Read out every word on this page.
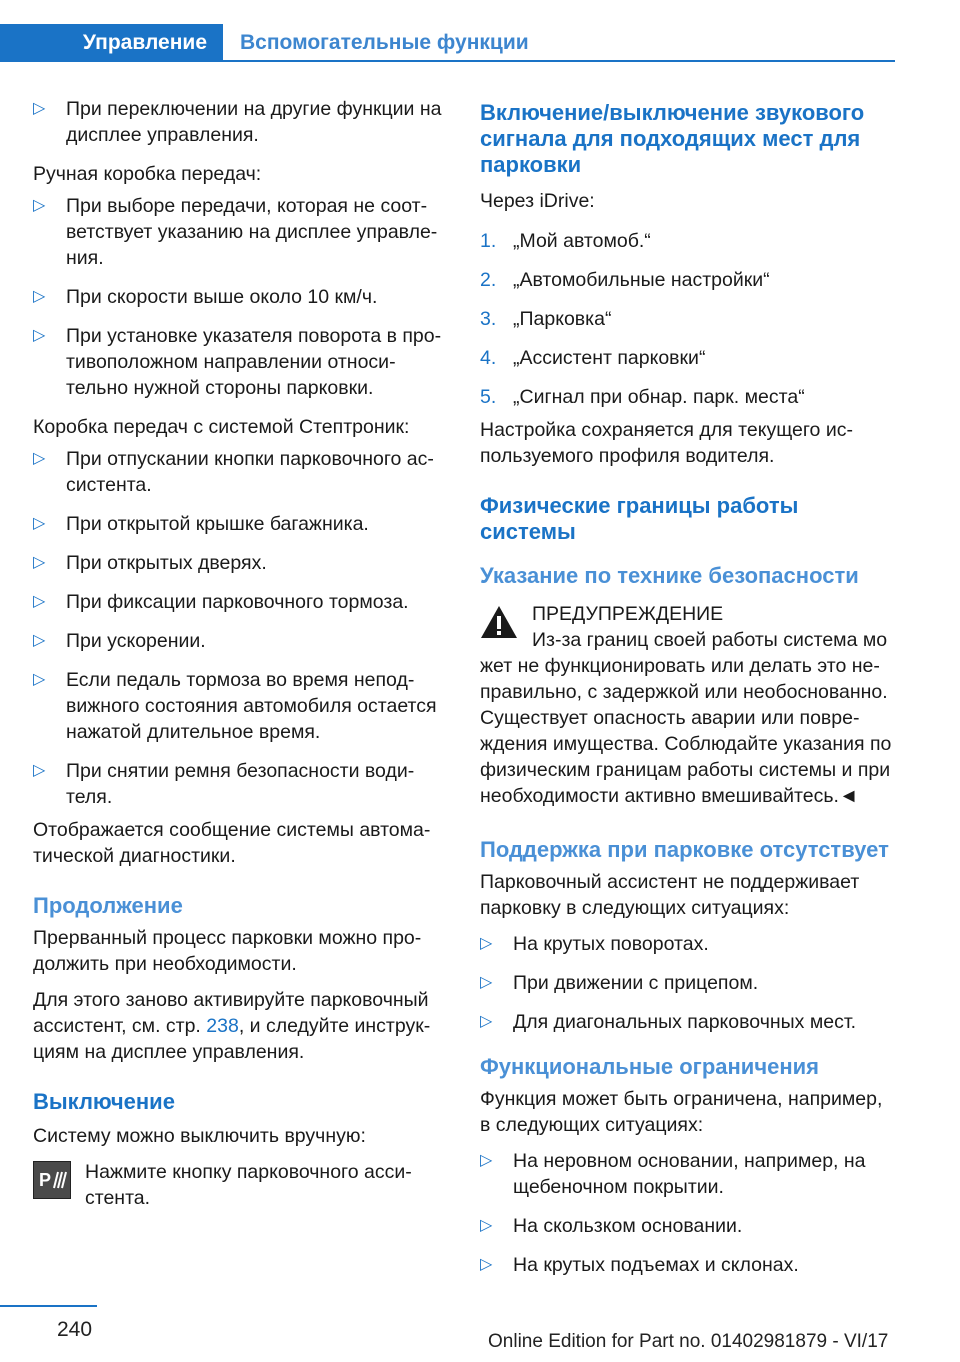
Управление	Вспомогательные функции
▷ При переключении на другие функции на дисплее управления.

Ручная коробка передач:

▷ При выборе передачи, которая не соответствует указанию на дисплее управления.
▷ При скорости выше около 10 км/ч.
▷ При установке указателя поворота в противоположном направлении относительно нужной стороны парковки.

Коробка передач с системой Стептроник:

▷ При отпускании кнопки парковочного ассистента.
▷ При открытой крышке багажника.
▷ При открытых дверях.
▷ При фиксации парковочного тормоза.
▷ При ускорении.
▷ Если педаль тормоза во время неподвижного состояния автомобиля остается нажатой длительное время.
▷ При снятии ремня безопасности водителя.

Отображается сообщение системы автоматической диагностики.

Продолжение

Прерванный процесс парковки можно продолжить при необходимости.

Для этого заново активируйте парковочный ассистент, см. стр. 238, и следуйте инструкциям на дисплее управления.

Выключение

Систему можно выключить вручную:

P Нажмите кнопку парковочного ассистента.

Включение/выключение звукового сигнала для подходящих мест для парковки

Через iDrive:

1. „Мой автомоб.“
2. „Автомобильные настройки“
3. „Парковка“
4. „Ассистент парковки“
5. „Сигнал при обнар. парк. места“

Настройка сохраняется для текущего используемого профиля водителя.

Физические границы работы системы
Указание по технике безопасности

ПРЕДУПРЕЖДЕНИЕ

Из-за границ своей работы система мо

жет не функционировать или делать это неправильно, с задержкой или необоснованно. Существует опасность аварии или повреждения имущества. Соблюдайте указания по физическим границам работы системы и при необходимости активно вмешивайтесь.◄

Поддержка при парковке отсутствует

Парковочный ассистент не поддерживает парковку в следующих ситуациях:

▷ На крутых поворотах.
▷ При движении с прицепом.
▷ Для диагональных парковочных мест.
Функциональные ограничения

Функция может быть ограничена, например, в следующих ситуациях:

▷ На неровном основании, например, на щебеночном покрытии.
▷ На скользком основании.
▷ На крутых подъемах и склонах.
240
Online Edition for Part no. 01402981879 - VI/17
